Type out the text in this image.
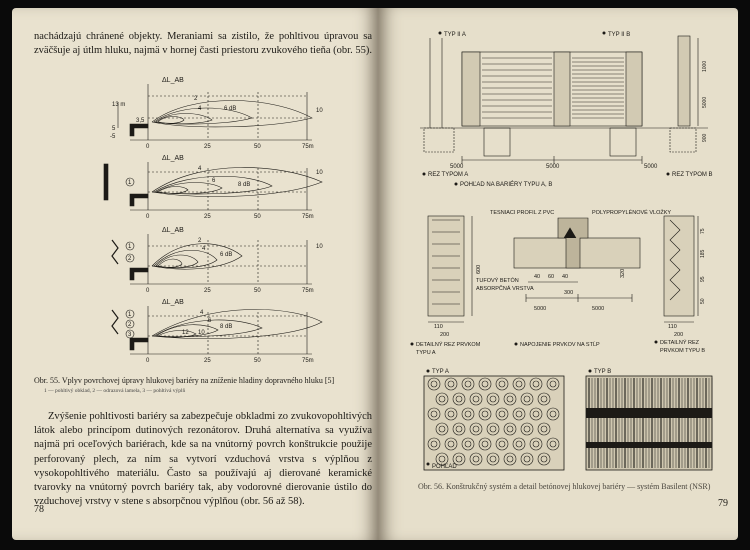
nachádzajú chránené objekty. Meraniami sa zistilo, že pohltivou úpravou sa zväčšuje aj útlm hluku, najmä v hornej časti priestoru zvukového tieňa (obr. 55).
ΔL_AB
13 m
3,5
5
-5
2
4	6 dB	10
0	25	50	75m
ΔL_AB
1
4
6
8 dB
10
0	25	50	75m
ΔL_AB
1
2
2
4
6 dB
10
0	25	50	75m
ΔL_AB
1
2
3
4
6
8 dB
10
12
0	25	50	75m
Obr. 55. Vplyv povrchovej úpravy hlukovej bariéry na zníženie hladiny dopravného hluku [5]
1 — pohltivý obklad, 2 — odrazová lamela, 3 — pohltivá výplň
Zvýšenie pohltivosti bariéry sa zabezpečuje obkladmi zo zvukovopohltivých látok alebo princípom dutinových rezonátorov. Druhá alternatíva sa využíva najmä pri oceľových bariérach, kde sa na vnútorný povrch konštrukcie použije perforovaný plech, za ním sa vytvorí vzduchová vrstva s výplňou z vysokopohltivého materiálu. Často sa používajú aj dierované keramické tvarovky na vnútorný povrch bariéry tak, aby vodorovné dierovanie ústilo do vzduchovej vrstvy v stene s absorpčnou výplňou (obr. 56 až 58).
78
TYP II A	TYP II B
5000	5000	5000
1000
5000
900
REZ TYPOM A	REZ TYPOM B
POHĽAD NA BARIÉRY TYPU A, B
TESNIACI PROFIL Z PVC	POLYPROPYLÉNOVÉ VLOŽKY
TUFOVÝ BETÓN
ABSORPČNÁ VRSTVA
600
110
200
40 60 40
300
320
5000	5000
75
185
95
50
110
200
DETAILNÝ REZ PRVKOM
TYPU A
NAPOJENIE PRVKOV NA STĹP	DETAILNÝ REZ
PRVKOM TYPU B
TYP A
POHĽAD
TYP B
Obr. 56. Konštrukčný systém a detail betónovej hlukovej bariéry — systém Basilent (NSR)
79
